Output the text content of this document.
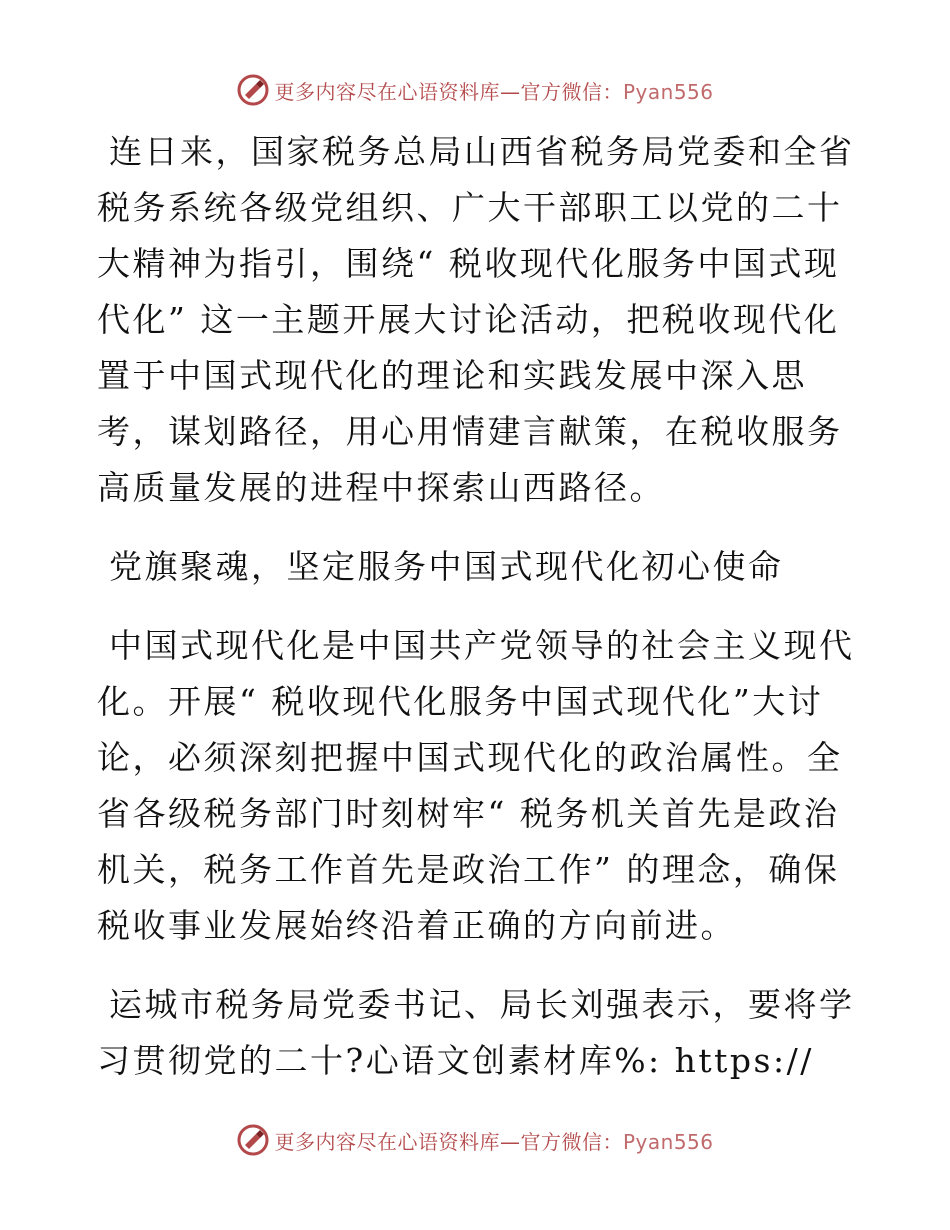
更多内容尽在心语资料库—官方微信：Pyan556

连日来，国家税务总局山西省税务局党委和全省税务系统各级党组织、广大干部职工以党的二十大精神为指引，围绕“ 税收现代化服务中国式现代化” 这一主题开展大讨论活动，把税收现代化置于中国式现代化的理论和实践发展中深入思考，谋划路径，用心用情建言献策，在税收服务高质量发展的进程中探索山西路径。

党旗聚魂，坚定服务中国式现代化初心使命

中国式现代化是中国共产党领导的社会主义现代化。开展“ 税收现代化服务中国式现代化”大讨论，必须深刻把握中国式现代化的政治属性。全省各级税务部门时刻树牢“ 税务机关首先是政治机关，税务工作首先是政治工作” 的理念，确保税收事业发展始终沿着正确的方向前进。

运城市税务局党委书记、局长刘强表示，要将学习贯彻党的二十?心语文创素材库%: https://

更多内容尽在心语资料库—官方微信：Pyan556
